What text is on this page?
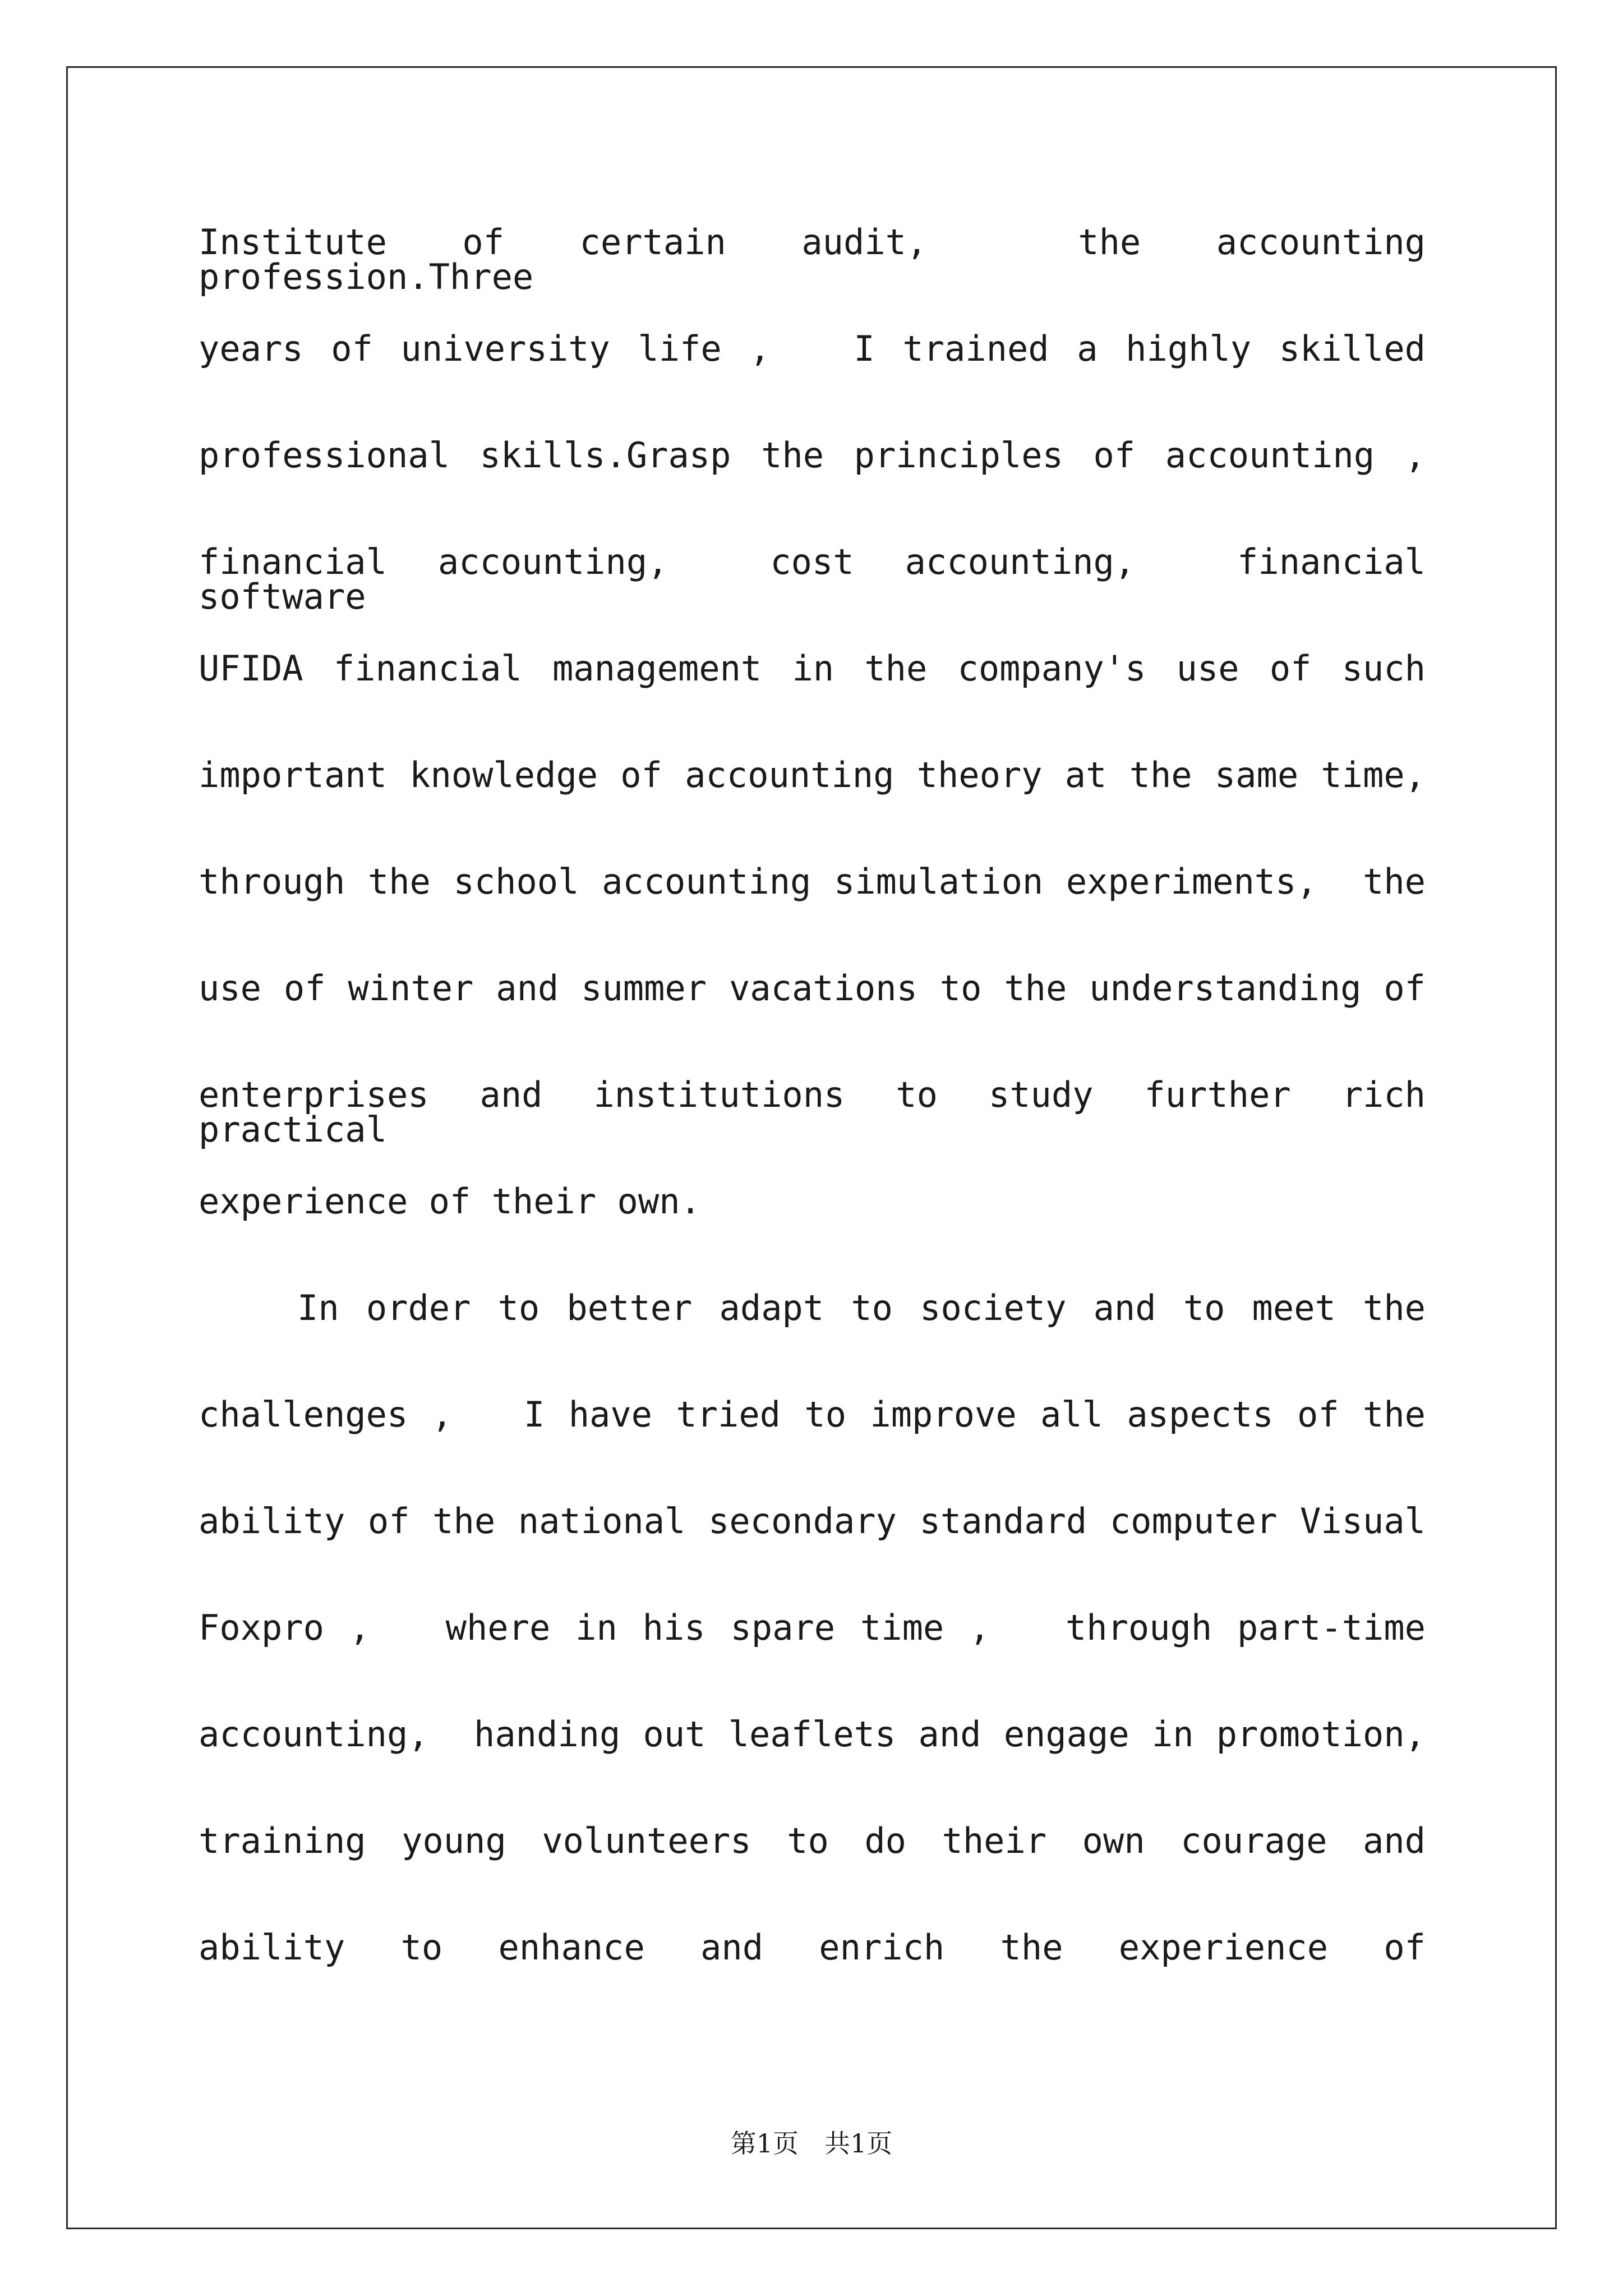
Institute of certain audit,  the accounting profession.Three
years of university life ,   I trained a highly skilled
professional skills.Grasp the principles of accounting ,
financial accounting,  cost accounting,  financial software
UFIDA financial management in the company's use of such
important knowledge of accounting theory at the same time,
through the school accounting simulation experiments,  the
use of winter and summer vacations to the understanding of
enterprises and institutions to study further rich practical
experience of their own.
In order to better adapt to society and to meet the
challenges ,   I have tried to improve all aspects of the
ability of the national secondary standard computer Visual
Foxpro ,   where in his spare time ,   through part-time
accounting,  handing out leaflets and engage in promotion,
training young volunteers to do their own courage and
ability to enhance and enrich the experience of
第1页　共1页
